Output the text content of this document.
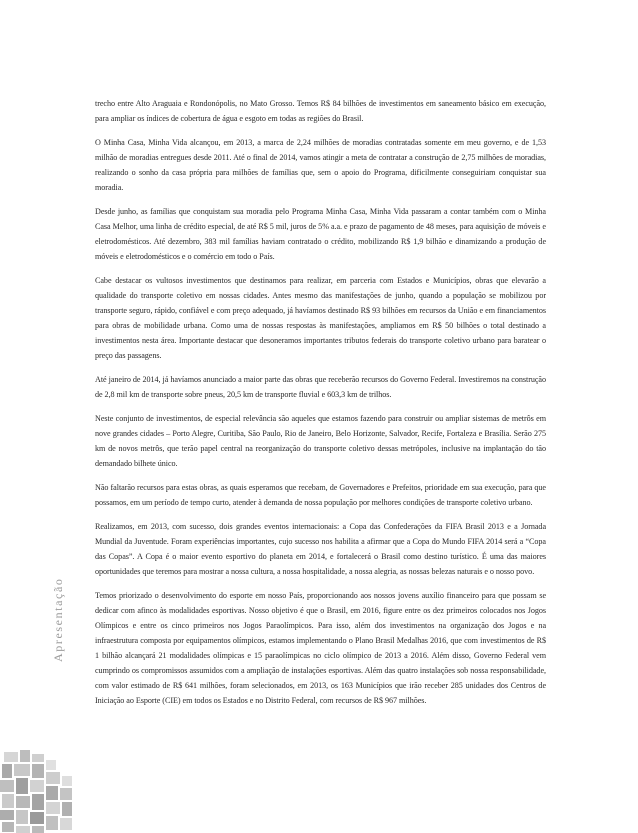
Apresentação

trecho entre Alto Araguaia e Rondonópolis, no Mato Grosso. Temos R$ 84 bilhões de investimentos em saneamento básico em execução, para ampliar os índices de cobertura de água e esgoto em todas as regiões do Brasil.

O Minha Casa, Minha Vida alcançou, em 2013, a marca de 2,24 milhões de moradias contratadas somente em meu governo, e de 1,53 milhão de moradias entregues desde 2011. Até o final de 2014, vamos atingir a meta de contratar a construção de 2,75 milhões de moradias, realizando o sonho da casa própria para milhões de famílias que, sem o apoio do Programa, dificilmente conseguiriam conquistar sua moradia.

Desde junho, as famílias que conquistam sua moradia pelo Programa Minha Casa, Minha Vida passaram a contar também com o Minha Casa Melhor, uma linha de crédito especial, de até R$ 5 mil, juros de 5% a.a. e prazo de pagamento de 48 meses, para aquisição de móveis e eletrodomésticos. Até dezembro, 383 mil famílias haviam contratado o crédito, mobilizando R$ 1,9 bilhão e dinamizando a produção de móveis e eletrodomésticos e o comércio em todo o País.

Cabe destacar os vultosos investimentos que destinamos para realizar, em parceria com Estados e Municípios, obras que elevarão a qualidade do transporte coletivo em nossas cidades. Antes mesmo das manifestações de junho, quando a população se mobilizou por transporte seguro, rápido, confiável e com preço adequado, já havíamos destinado R$ 93 bilhões em recursos da União e em financiamentos para obras de mobilidade urbana. Como uma de nossas respostas às manifestações, ampliamos em R$ 50 bilhões o total destinado a investimentos nesta área. Importante destacar que desoneramos importantes tributos federais do transporte coletivo urbano para baratear o preço das passagens.

Até janeiro de 2014, já havíamos anunciado a maior parte das obras que receberão recursos do Governo Federal. Investiremos na construção de 2,8 mil km de transporte sobre pneus, 20,5 km de transporte fluvial e 603,3 km de trilhos.

Neste conjunto de investimentos, de especial relevância são aqueles que estamos fazendo para construir ou ampliar sistemas de metrôs em nove grandes cidades – Porto Alegre, Curitiba, São Paulo, Rio de Janeiro, Belo Horizonte, Salvador, Recife, Fortaleza e Brasília. Serão 275 km de novos metrôs, que terão papel central na reorganização do transporte coletivo dessas metrópoles, inclusive na implantação do tão demandado bilhete único.

Não faltarão recursos para estas obras, as quais esperamos que recebam, de Governadores e Prefeitos, prioridade em sua execução, para que possamos, em um período de tempo curto, atender à demanda de nossa população por melhores condições de transporte coletivo urbano.

Realizamos, em 2013, com sucesso, dois grandes eventos internacionais: a Copa das Confederações da FIFA Brasil 2013 e a Jornada Mundial da Juventude. Foram experiências importantes, cujo sucesso nos habilita a afirmar que a Copa do Mundo FIFA 2014 será a “Copa das Copas”. A Copa é o maior evento esportivo do planeta em 2014, e fortalecerá o Brasil como destino turístico. É uma das maiores oportunidades que teremos para mostrar a nossa cultura, a nossa hospitalidade, a nossa alegria, as nossas belezas naturais e o nosso povo.

Temos priorizado o desenvolvimento do esporte em nosso País, proporcionando aos nossos jovens auxílio financeiro para que possam se dedicar com afinco às modalidades esportivas. Nosso objetivo é que o Brasil, em 2016, figure entre os dez primeiros colocados nos Jogos Olímpicos e entre os cinco primeiros nos Jogos Paraolímpicos. Para isso, além dos investimentos na organização dos Jogos e na infraestrutura composta por equipamentos olímpicos, estamos implementando o Plano Brasil Medalhas 2016, que com investimentos de R$ 1 bilhão alcançará 21 modalidades olímpicas e 15 paraolímpicas no ciclo olímpico de 2013 a 2016. Além disso, Governo Federal vem cumprindo os compromissos assumidos com a ampliação de instalações esportivas. Além das quatro instalações sob nossa responsabilidade, com valor estimado de R$ 641 milhões, foram selecionados, em 2013, os 163 Municípios que irão receber 285 unidades dos Centros de Iniciação ao Esporte (CIE) em todos os Estados e no Distrito Federal, com recursos de R$ 967 milhões.
